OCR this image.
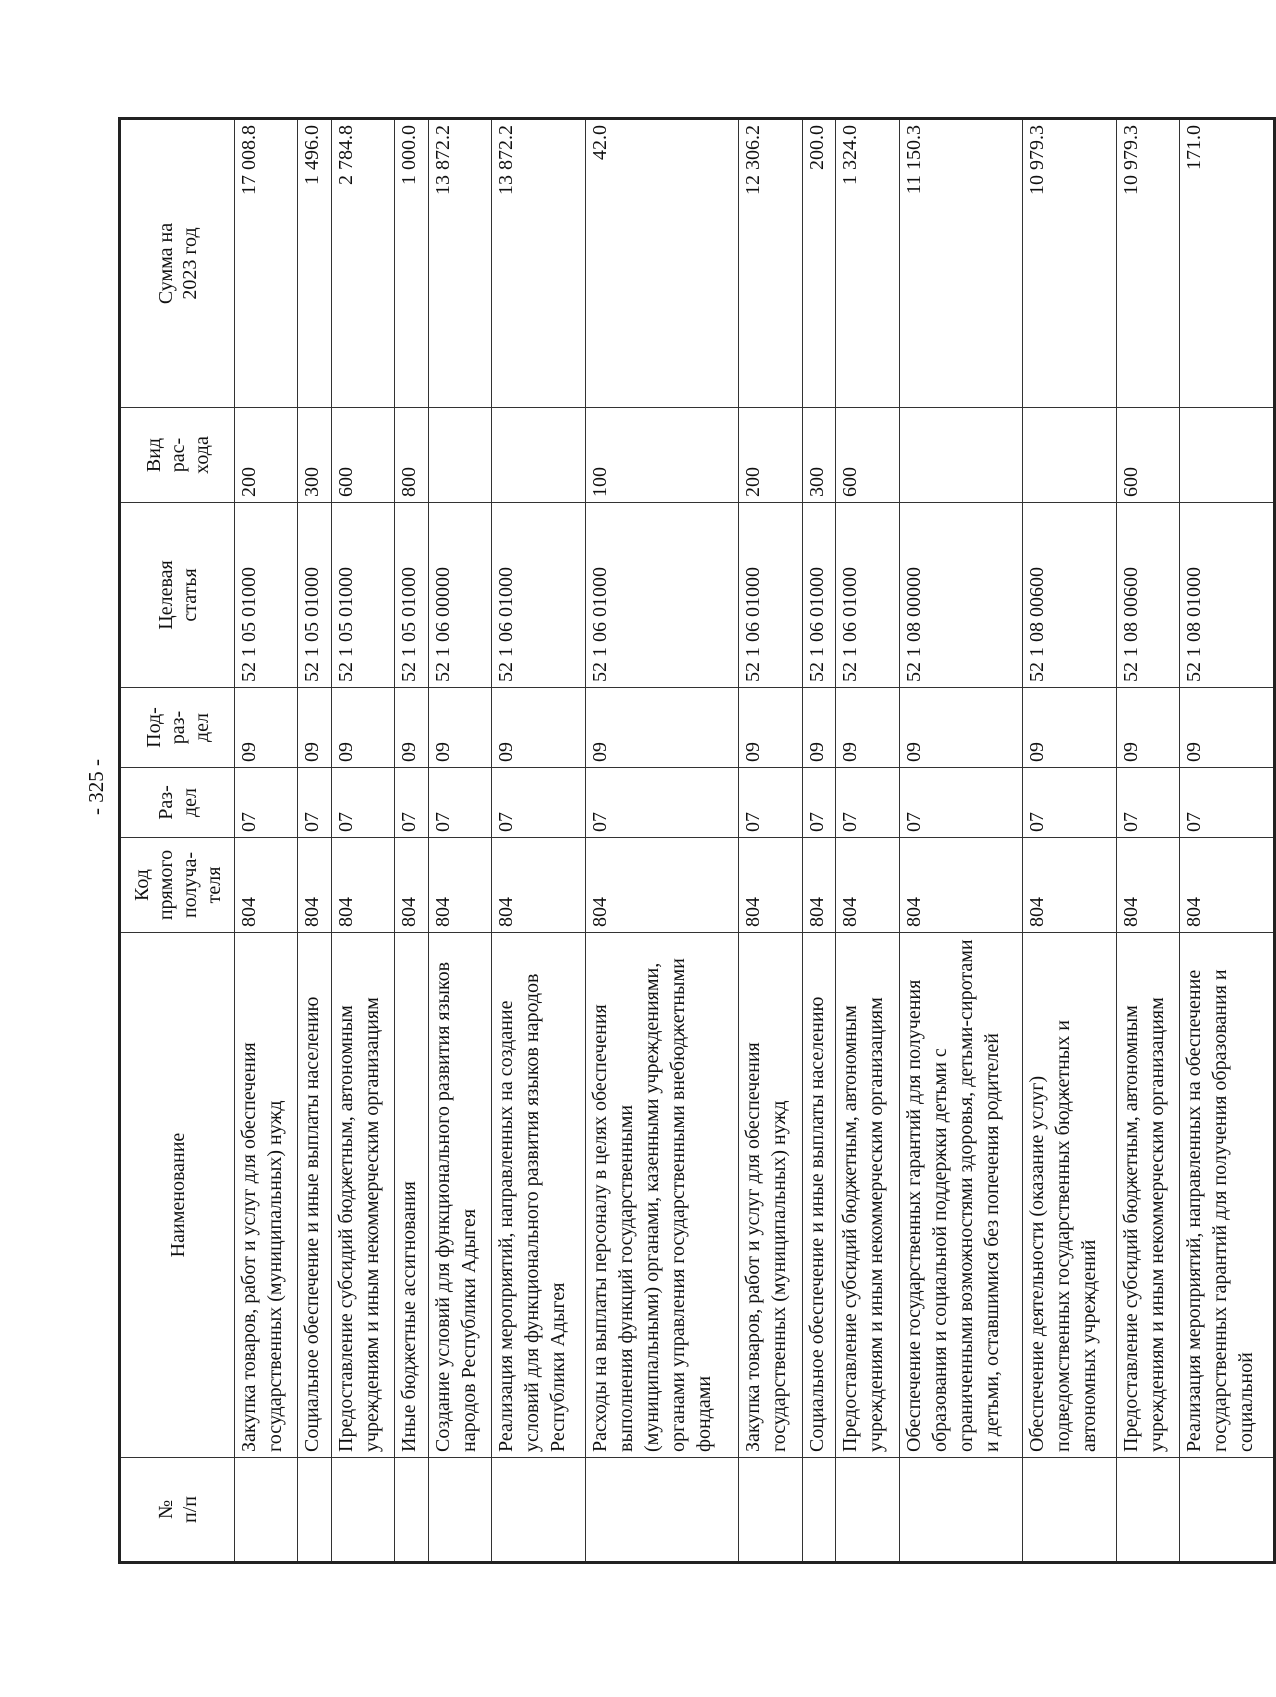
- 325 -
№
п/п	Наименование	Код
прямого
получа-
теля	Раз-
дел	Под-
раз-
дел	Целевая
статья	Вид
рас-
хода	Сумма на
2023 год
	Закупка товаров, работ и услуг для обеспечения государственных (муниципальных) нужд	804	07	09	52 1 05 01000	200	17 008.8
	Социальное обеспечение и иные выплаты населению	804	07	09	52 1 05 01000	300	1 496.0
	Предоставление субсидий бюджетным, автономным учреждениям и иным некоммерческим организациям	804	07	09	52 1 05 01000	600	2 784.8
	Иные бюджетные ассигнования	804	07	09	52 1 05 01000	800	1 000.0
	Создание условий для функционального развития языков народов Республики Адыгея	804	07	09	52 1 06 00000		13 872.2
	Реализация мероприятий, направленных на создание условий для функционального развития языков народов Республики Адыгея	804	07	09	52 1 06 01000		13 872.2
	Расходы на выплаты персоналу в целях обеспечения выполнения функций государственными (муниципальными) органами, казенными учреждениями, органами управления государственными внебюджетными фондами	804	07	09	52 1 06 01000	100	42.0
	Закупка товаров, работ и услуг для обеспечения государственных (муниципальных) нужд	804	07	09	52 1 06 01000	200	12 306.2
	Социальное обеспечение и иные выплаты населению	804	07	09	52 1 06 01000	300	200.0
	Предоставление субсидий бюджетным, автономным учреждениям и иным некоммерческим организациям	804	07	09	52 1 06 01000	600	1 324.0
	Обеспечение государственных гарантий для получения образования и социальной поддержки детьми с ограниченными возможностями здоровья, детьми-сиротами и детьми, оставшимися без попечения родителей	804	07	09	52 1 08 00000		11 150.3
	Обеспечение деятельности (оказание услуг) подведомственных государственных бюджетных и автономных учреждений	804	07	09	52 1 08 00600		10 979.3
	Предоставление субсидий бюджетным, автономным учреждениям и иным некоммерческим организациям	804	07	09	52 1 08 00600	600	10 979.3
	Реализация мероприятий, направленных на обеспечение государственных гарантий для получения образования и социальной	804	07	09	52 1 08 01000		171.0
